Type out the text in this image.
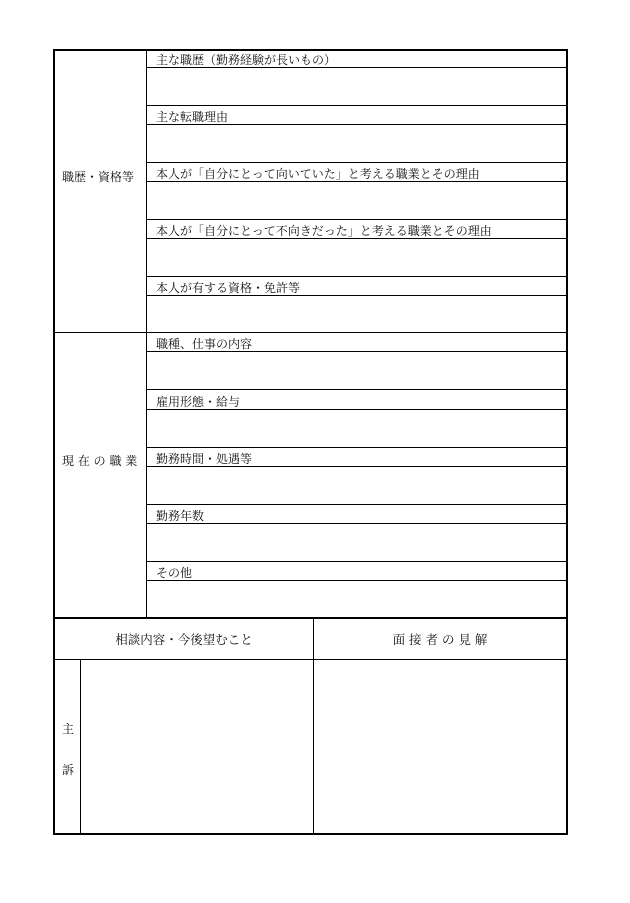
職歴・資格等
主な職歴（勤務経験が長いもの）
主な転職理由
本人が「自分にとって向いていた」と考える職業とその理由
本人が「自分にとって不向きだった」と考える職業とその理由
本人が有する資格・免許等
現 在 の 職 業
職種、仕事の内容
雇用形態・給与
勤務時間・処遇等
勤務年数
その他
相談内容・今後望むこと	面 接 者 の 見 解
主
訴
